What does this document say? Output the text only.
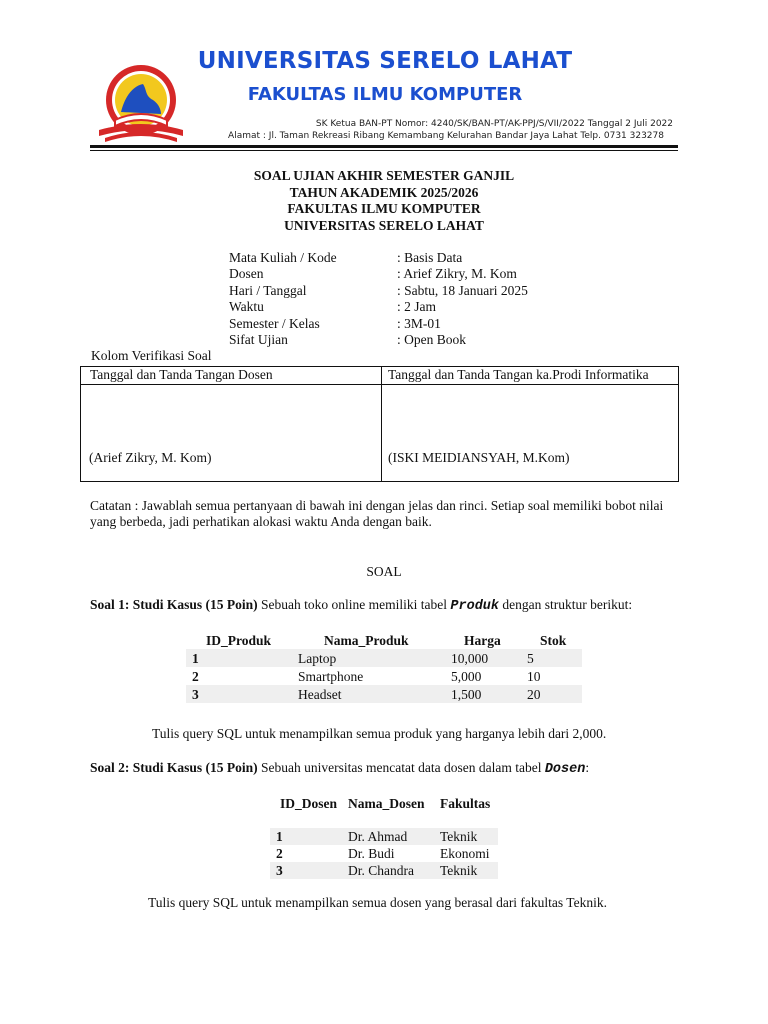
UNIVERSITAS SERELO LAHAT
FAKULTAS ILMU KOMPUTER
SK Ketua BAN-PT Nomor: 4240/SK/BAN-PT/AK-PPJ/S/VII/2022 Tanggal 2 Juli 2022
Alamat : Jl. Taman Rekreasi Ribang Kemambang Kelurahan Bandar Jaya Lahat Telp. 0731 323278
SOAL UJIAN AKHIR SEMESTER GANJIL
TAHUN AKADEMIK 2025/2026
FAKULTAS ILMU KOMPUTER
UNIVERSITAS SERELO LAHAT
Mata Kuliah / Kode	: Basis Data
Dosen	: Arief Zikry, M. Kom
Hari / Tanggal	: Sabtu, 18 Januari 2025
Waktu	: 2 Jam
Semester / Kelas	: 3M-01
Sifat Ujian	: Open Book
Kolom Verifikasi Soal
Tanggal dan Tanda Tangan Dosen	Tanggal dan Tanda Tangan ka.Prodi Informatika
(Arief Zikry, M. Kom)	(ISKI MEIDIANSYAH, M.Kom)
Catatan : Jawablah semua pertanyaan di bawah ini dengan jelas dan rinci. Setiap soal memiliki bobot nilai yang berbeda, jadi perhatikan alokasi waktu Anda dengan baik.
SOAL
Soal 1: Studi Kasus (15 Poin) Sebuah toko online memiliki tabel Produk dengan struktur berikut:
ID_Produk	Nama_Produk	Harga	Stok
1	Laptop	10,000	5
2	Smartphone	5,000	10
3	Headset	1,500	20
Tulis query SQL untuk menampilkan semua produk yang harganya lebih dari 2,000.
Soal 2: Studi Kasus (15 Poin) Sebuah universitas mencatat data dosen dalam tabel Dosen:
ID_Dosen	Nama_Dosen	Fakultas
1	Dr. Ahmad	Teknik
2	Dr. Budi	Ekonomi
3	Dr. Chandra	Teknik
Tulis query SQL untuk menampilkan semua dosen yang berasal dari fakultas Teknik.
